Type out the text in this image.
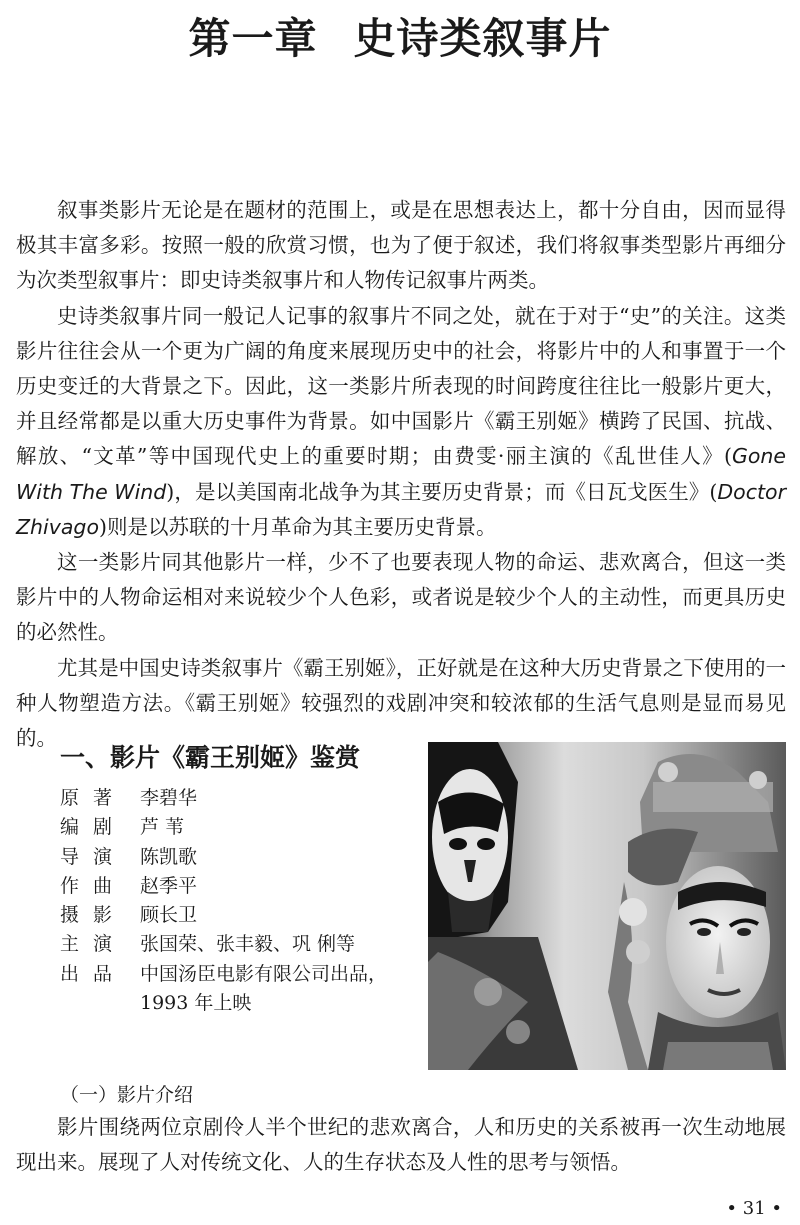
第一章 史诗类叙事片

叙事类影片无论是在题材的范围上，或是在思想表达上，都十分自由，因而显得极其丰富多彩。按照一般的欣赏习惯，也为了便于叙述，我们将叙事类型影片再细分为次类型叙事片：即史诗类叙事片和人物传记叙事片两类。

史诗类叙事片同一般记人记事的叙事片不同之处，就在于对于“史”的关注。这类影片往往会从一个更为广阔的角度来展现历史中的社会，将影片中的人和事置于一个历史变迁的大背景之下。因此，这一类影片所表现的时间跨度往往比一般影片更大，并且经常都是以重大历史事件为背景。如中国影片《霸王别姬》横跨了民国、抗战、解放、“文革”等中国现代史上的重要时期；由费雯·丽主演的《乱世佳人》(Gone With The Wind)，是以美国南北战争为其主要历史背景；而《日瓦戈医生》(Doctor Zhivago)则是以苏联的十月革命为其主要历史背景。

这一类影片同其他影片一样，少不了也要表现人物的命运、悲欢离合，但这一类影片中的人物命运相对来说较少个人色彩，或者说是较少个人的主动性，而更具历史的必然性。

尤其是中国史诗类叙事片《霸王别姬》，正好就是在这种大历史背景之下使用的一种人物塑造方法。《霸王别姬》较强烈的戏剧冲突和较浓郁的生活气息则是显而易见的。

一、影片《霸王别姬》鉴赏
原著 李碧华
编剧 芦 苇
导演 陈凯歌
作曲 赵季平
摄影 顾长卫
主演 张国荣、张丰毅、巩 俐等
出品 中国汤臣电影有限公司出品，1993 年上映

（一）影片介绍

影片围绕两位京剧伶人半个世纪的悲欢离合，人和历史的关系被再一次生动地展现出来。展现了人对传统文化、人的生存状态及人性的思考与领悟。

• 31 •
